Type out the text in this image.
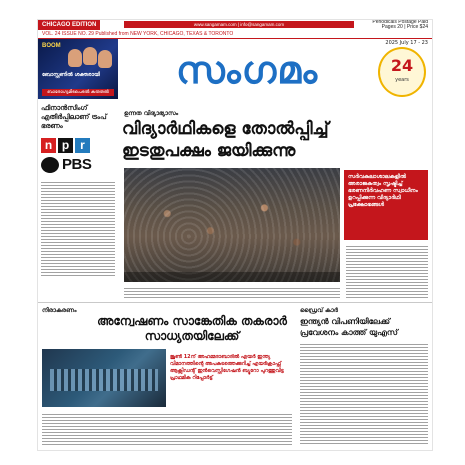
CHICAGO EDITION	www.sangamam.com | info@sangamam.com	Periodicals Postage Paid
Pages 20 | Price $24
VOL. 24 ISSUE NO. 29 Published from NEW YORK, CHICAGO, TEXAS & TORONTO
BOOM
ബോസ്റ്റണിൽ ശക്തരായി
ബാരോഗ്യമിടപെടൽ കരുതൽ
സംഗമം
2025 July 17 - 23
24
years
ഫിനാൻസിംഗ് എതിർപ്പിലാണ് ട്രംപ് ഭരണം
n p r
PBS
ഉന്നത വിദ്യാഭ്യാസം
വിദ്യാർഥികളെ തോൽപ്പിച്ച് ഇടതുപക്ഷം ജയിക്കുന്നു
സർവകലാശാലകളിൽ അരാജകത്വം സൃഷ്ടിച്ച് ഭരണനിർവഹണ സ്വാധീനം ഉറപ്പിക്കുന്ന വിദ്യാർഥി പ്രക്ഷോഭങ്ങൾ
നിരാകരണം
അന്വേഷണം സാങ്കേതിക തകരാർ സാധ്യതയിലേക്ക്
ജൂൺ 12ന് അഹമ്മദാബാദിൽ എയർ ഇന്ത്യ വിമാനത്തിന്റെ അപകടത്തെക്കുറിച്ച് എയർക്രാഫ്റ്റ് ആക്സിഡന്റ് ഇൻവെസ്റ്റിഗേഷൻ ബ്യൂറോ പുറത്തുവിട്ട പ്രാഥമിക റിപ്പോർട്ട്
ഡ്രൈവ് കാർ
ഇന്ത്യൻ വിപണിയിലേക്ക് പ്രവേശനം കാത്ത് യുഎസ്
